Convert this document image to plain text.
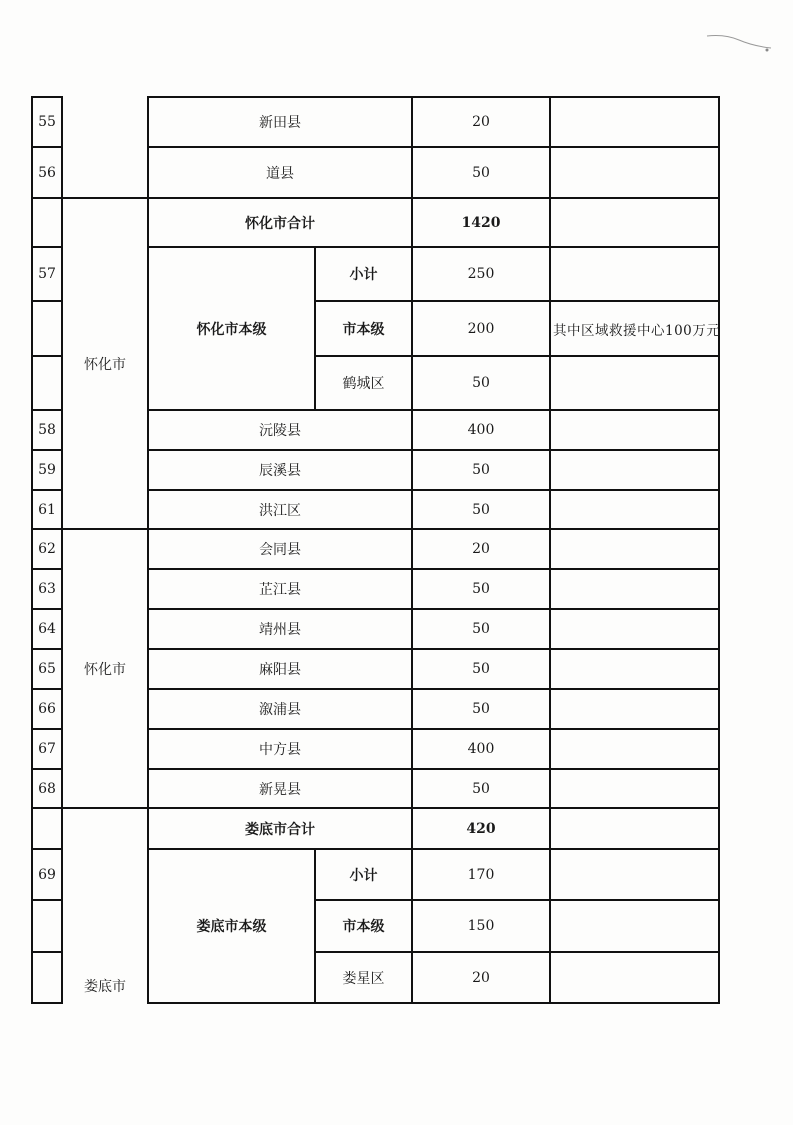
55
56
57
58
59
61
62
63
64
65
66
67
68
69
怀化市
怀化市
娄底市
新田县
道县
怀化市合计
怀化市本级
小计
市本级
鹤城区
沅陵县
辰溪县
洪江区
会同县
芷江县
靖州县
麻阳县
溆浦县
中方县
新晃县
娄底市合计
娄底市本级
小计
市本级
娄星区
20
50
1420
250
200
50
400
50
50
20
50
50
50
50
400
50
420
170
150
20
其中区域救援中心100万元
